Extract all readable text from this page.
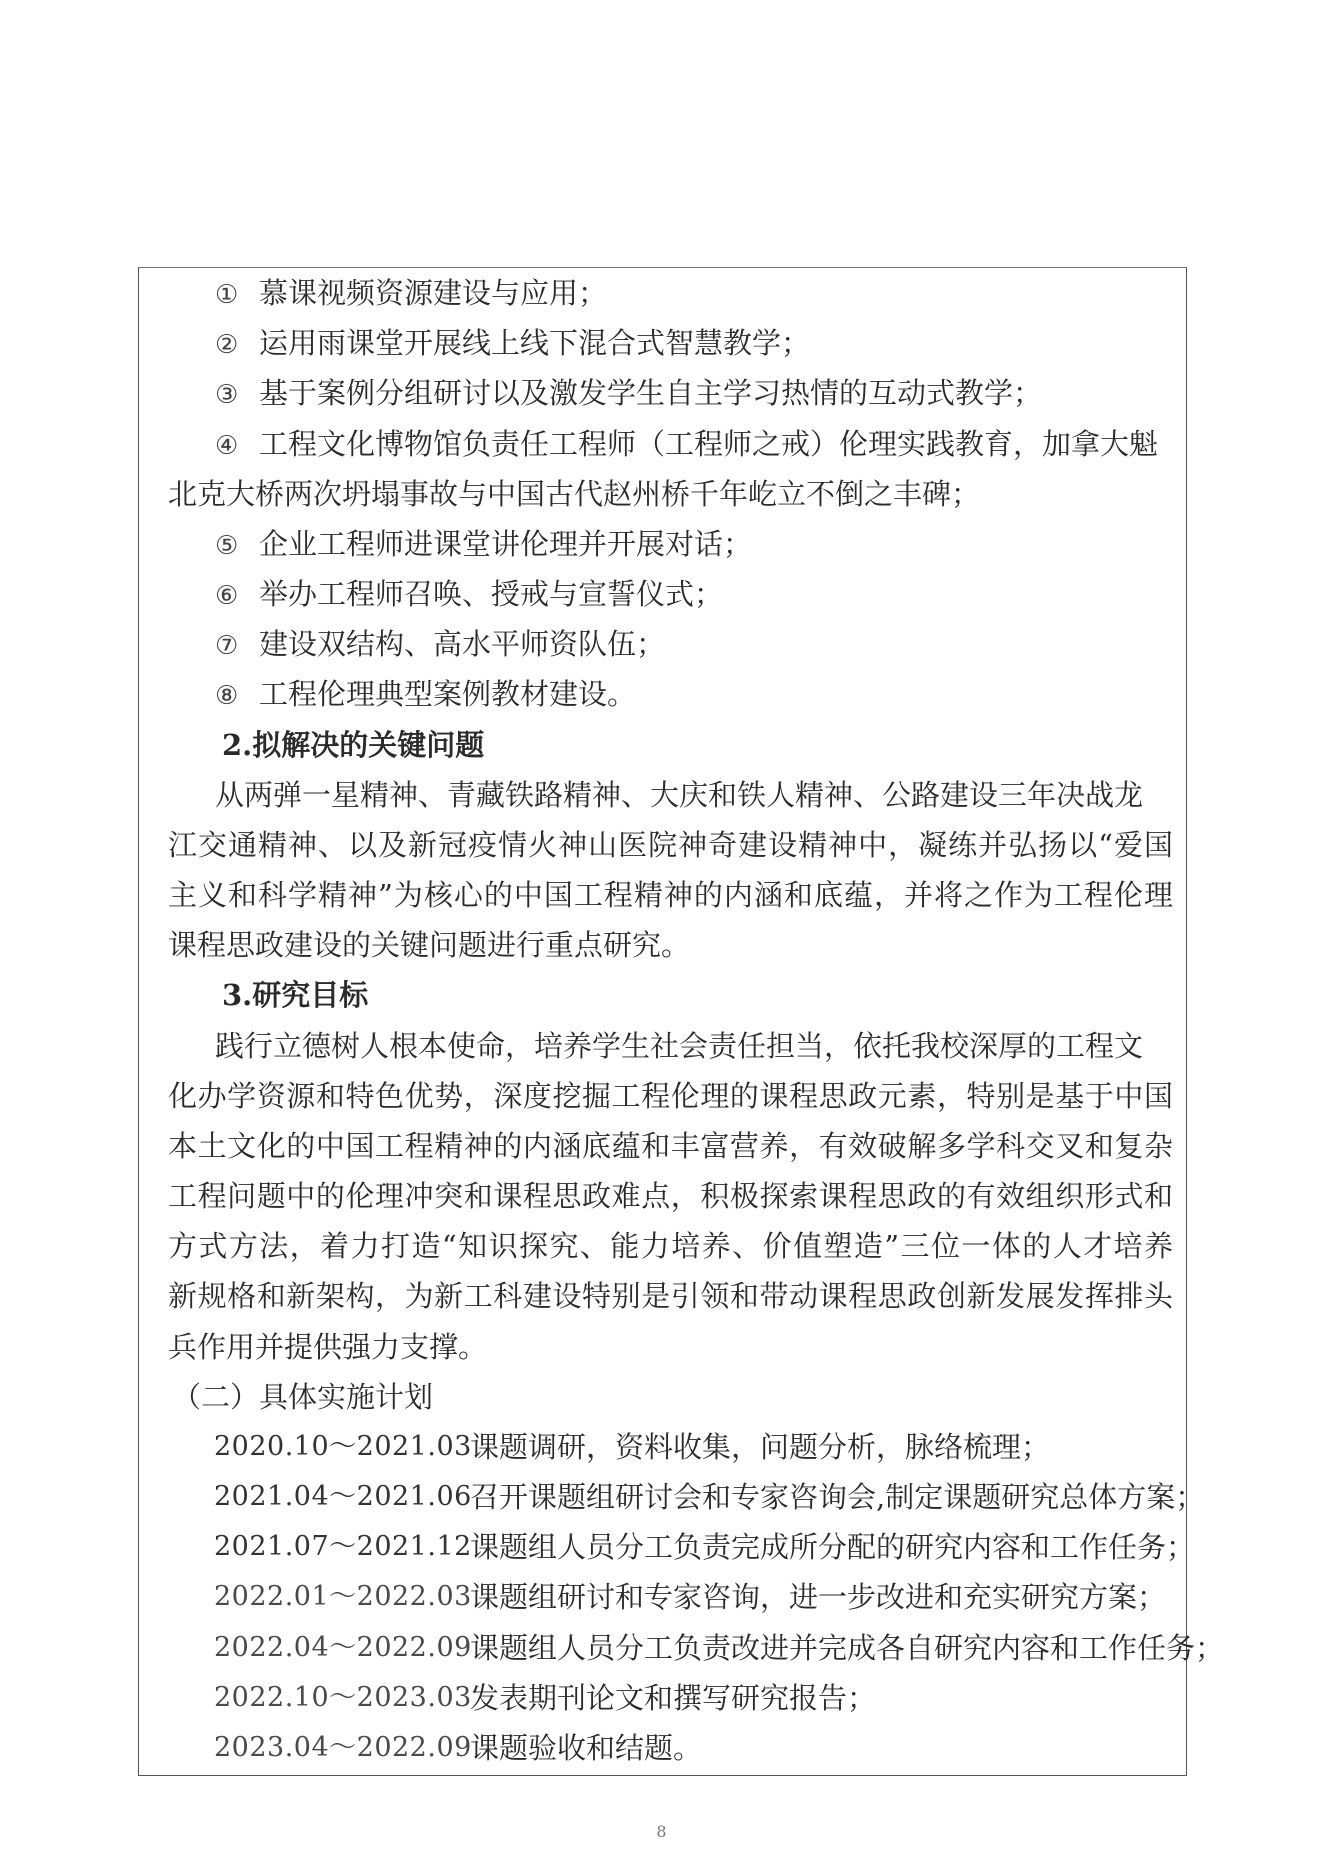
① 慕课视频资源建设与应用；
② 运用雨课堂开展线上线下混合式智慧教学；
③ 基于案例分组研讨以及激发学生自主学习热情的互动式教学；
④ 工程文化博物馆负责任工程师（工程师之戒）伦理实践教育，加拿大魁
北克大桥两次坍塌事故与中国古代赵州桥千年屹立不倒之丰碑；
⑤ 企业工程师进课堂讲伦理并开展对话；
⑥ 举办工程师召唤、授戒与宣誓仪式；
⑦ 建设双结构、高水平师资队伍；
⑧ 工程伦理典型案例教材建设。
2.拟解决的关键问题
从两弹一星精神、青藏铁路精神、大庆和铁人精神、公路建设三年决战龙
江交通精神、以及新冠疫情火神山医院神奇建设精神中，凝练并弘扬以“爱国
主义和科学精神”为核心的中国工程精神的内涵和底蕴，并将之作为工程伦理
课程思政建设的关键问题进行重点研究。
3.研究目标
践行立德树人根本使命，培养学生社会责任担当，依托我校深厚的工程文
化办学资源和特色优势，深度挖掘工程伦理的课程思政元素，特别是基于中国
本土文化的中国工程精神的内涵底蕴和丰富营养，有效破解多学科交叉和复杂
工程问题中的伦理冲突和课程思政难点，积极探索课程思政的有效组织形式和
方式方法，着力打造“知识探究、能力培养、价值塑造”三位一体的人才培养
新规格和新架构，为新工科建设特别是引领和带动课程思政创新发展发挥排头
兵作用并提供强力支撑。
（二）具体实施计划
2020.10～2021.03
课题调研，资料收集，问题分析，脉络梳理；
2021.04～2021.06
召开课题组研讨会和专家咨询会,制定课题研究总体方案；
2021.07～2021.12
课题组人员分工负责完成所分配的研究内容和工作任务；
2022.01～2022.03
课题组研讨和专家咨询，进一步改进和充实研究方案；
2022.04～2022.09
课题组人员分工负责改进并完成各自研究内容和工作任务；
2022.10～2023.03
发表期刊论文和撰写研究报告；
2023.04～2022.09
课题验收和结题。
8
